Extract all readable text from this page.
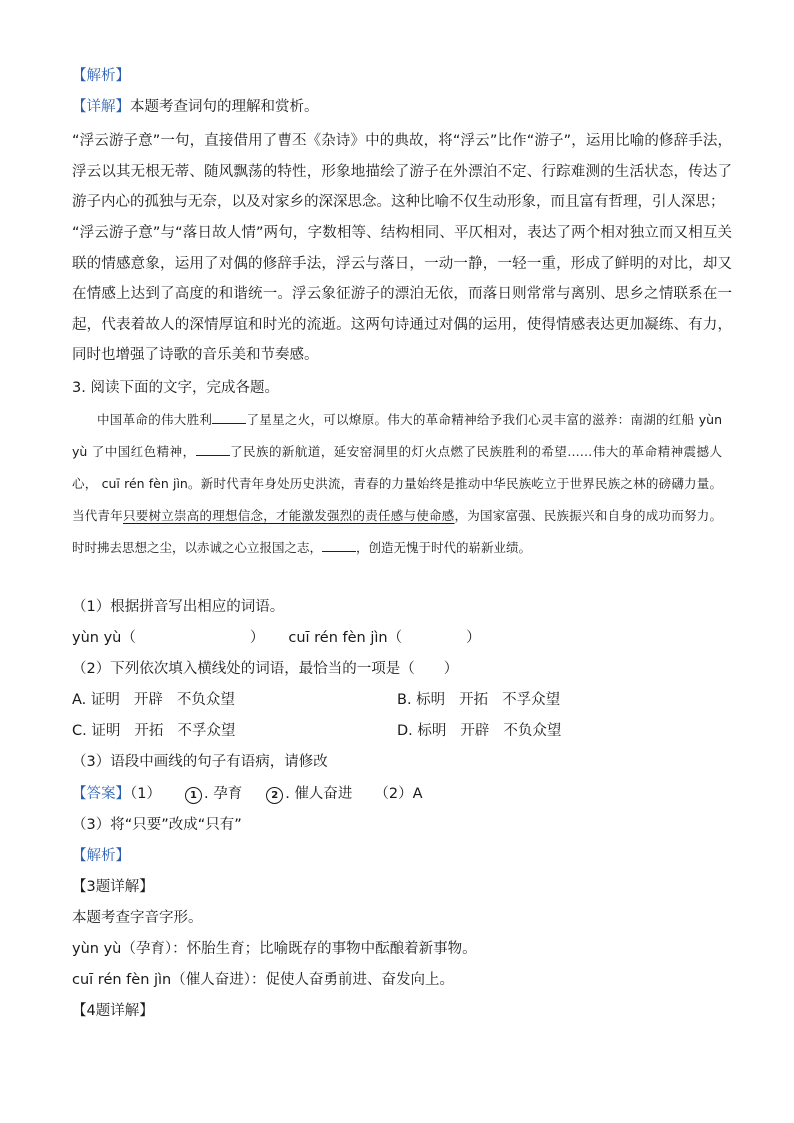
【解析】
【详解】本题考查词句的理解和赏析。
“浮云游子意”一句，直接借用了曹丕《杂诗》中的典故，将“浮云”比作“游子”，运用比喻的修辞手法，浮云以其无根无蒂、随风飘荡的特性，形象地描绘了游子在外漂泊不定、行踪难测的生活状态，传达了游子内心的孤独与无奈，以及对家乡的深深思念。这种比喻不仅生动形象，而且富有哲理，引人深思；
“浮云游子意”与“落日故人情”两句，字数相等、结构相同、平仄相对，表达了两个相对独立而又相互关联的情感意象，运用了对偶的修辞手法，浮云与落日，一动一静，一轻一重，形成了鲜明的对比，却又在情感上达到了高度的和谐统一。浮云象征游子的漂泊无依，而落日则常常与离别、思乡之情联系在一起，代表着故人的深情厚谊和时光的流逝。这两句诗通过对偶的运用，使得情感表达更加凝练、有力，同时也增强了诗歌的音乐美和节奏感。
3. 阅读下面的文字，完成各题。
中国革命的伟大胜利	了星星之火，可以燎原。伟大的革命精神给予我们心灵丰富的滋养：南湖的红船 yùn yù 了中国红色精神，	了民族的新航道，延安窑洞里的灯火点燃了民族胜利的希望……伟大的革命精神震撼人心， cuī rén fèn jìn。新时代青年身处历史洪流，青春的力量始终是推动中华民族屹立于世界民族之林的磅礴力量。当代青年只要树立崇高的理想信念，才能激发强烈的责任感与使命感，为国家富强、民族振兴和自身的成功而努力。时时拂去思想之尘，以赤诚之心立报国之志，	，创造无愧于时代的崭新业绩。
（1）根据拼音写出相应的词语。
yùn yù（	） cuī rén fèn jìn（	）
（2）下列依次填入横线处的词语，最恰当的一项是（　　）
A. 证明 开辟 不负众望	B. 标明 开拓 不孚众望
C. 证明 开拓 不孚众望	D. 标明 开辟 不负众望
（3）语段中画线的句子有语病，请修改
【答案】（1）	1 . 孕育	2 . 催人奋进 （2）A
（3）将“只要”改成“只有”
【解析】
【3题详解】
本题考查字音字形。
yùn yù（孕育）：怀胎生育；比喻既存的事物中酝酿着新事物。
cuī rén fèn jìn（催人奋进）：促使人奋勇前进、奋发向上。
【4题详解】
